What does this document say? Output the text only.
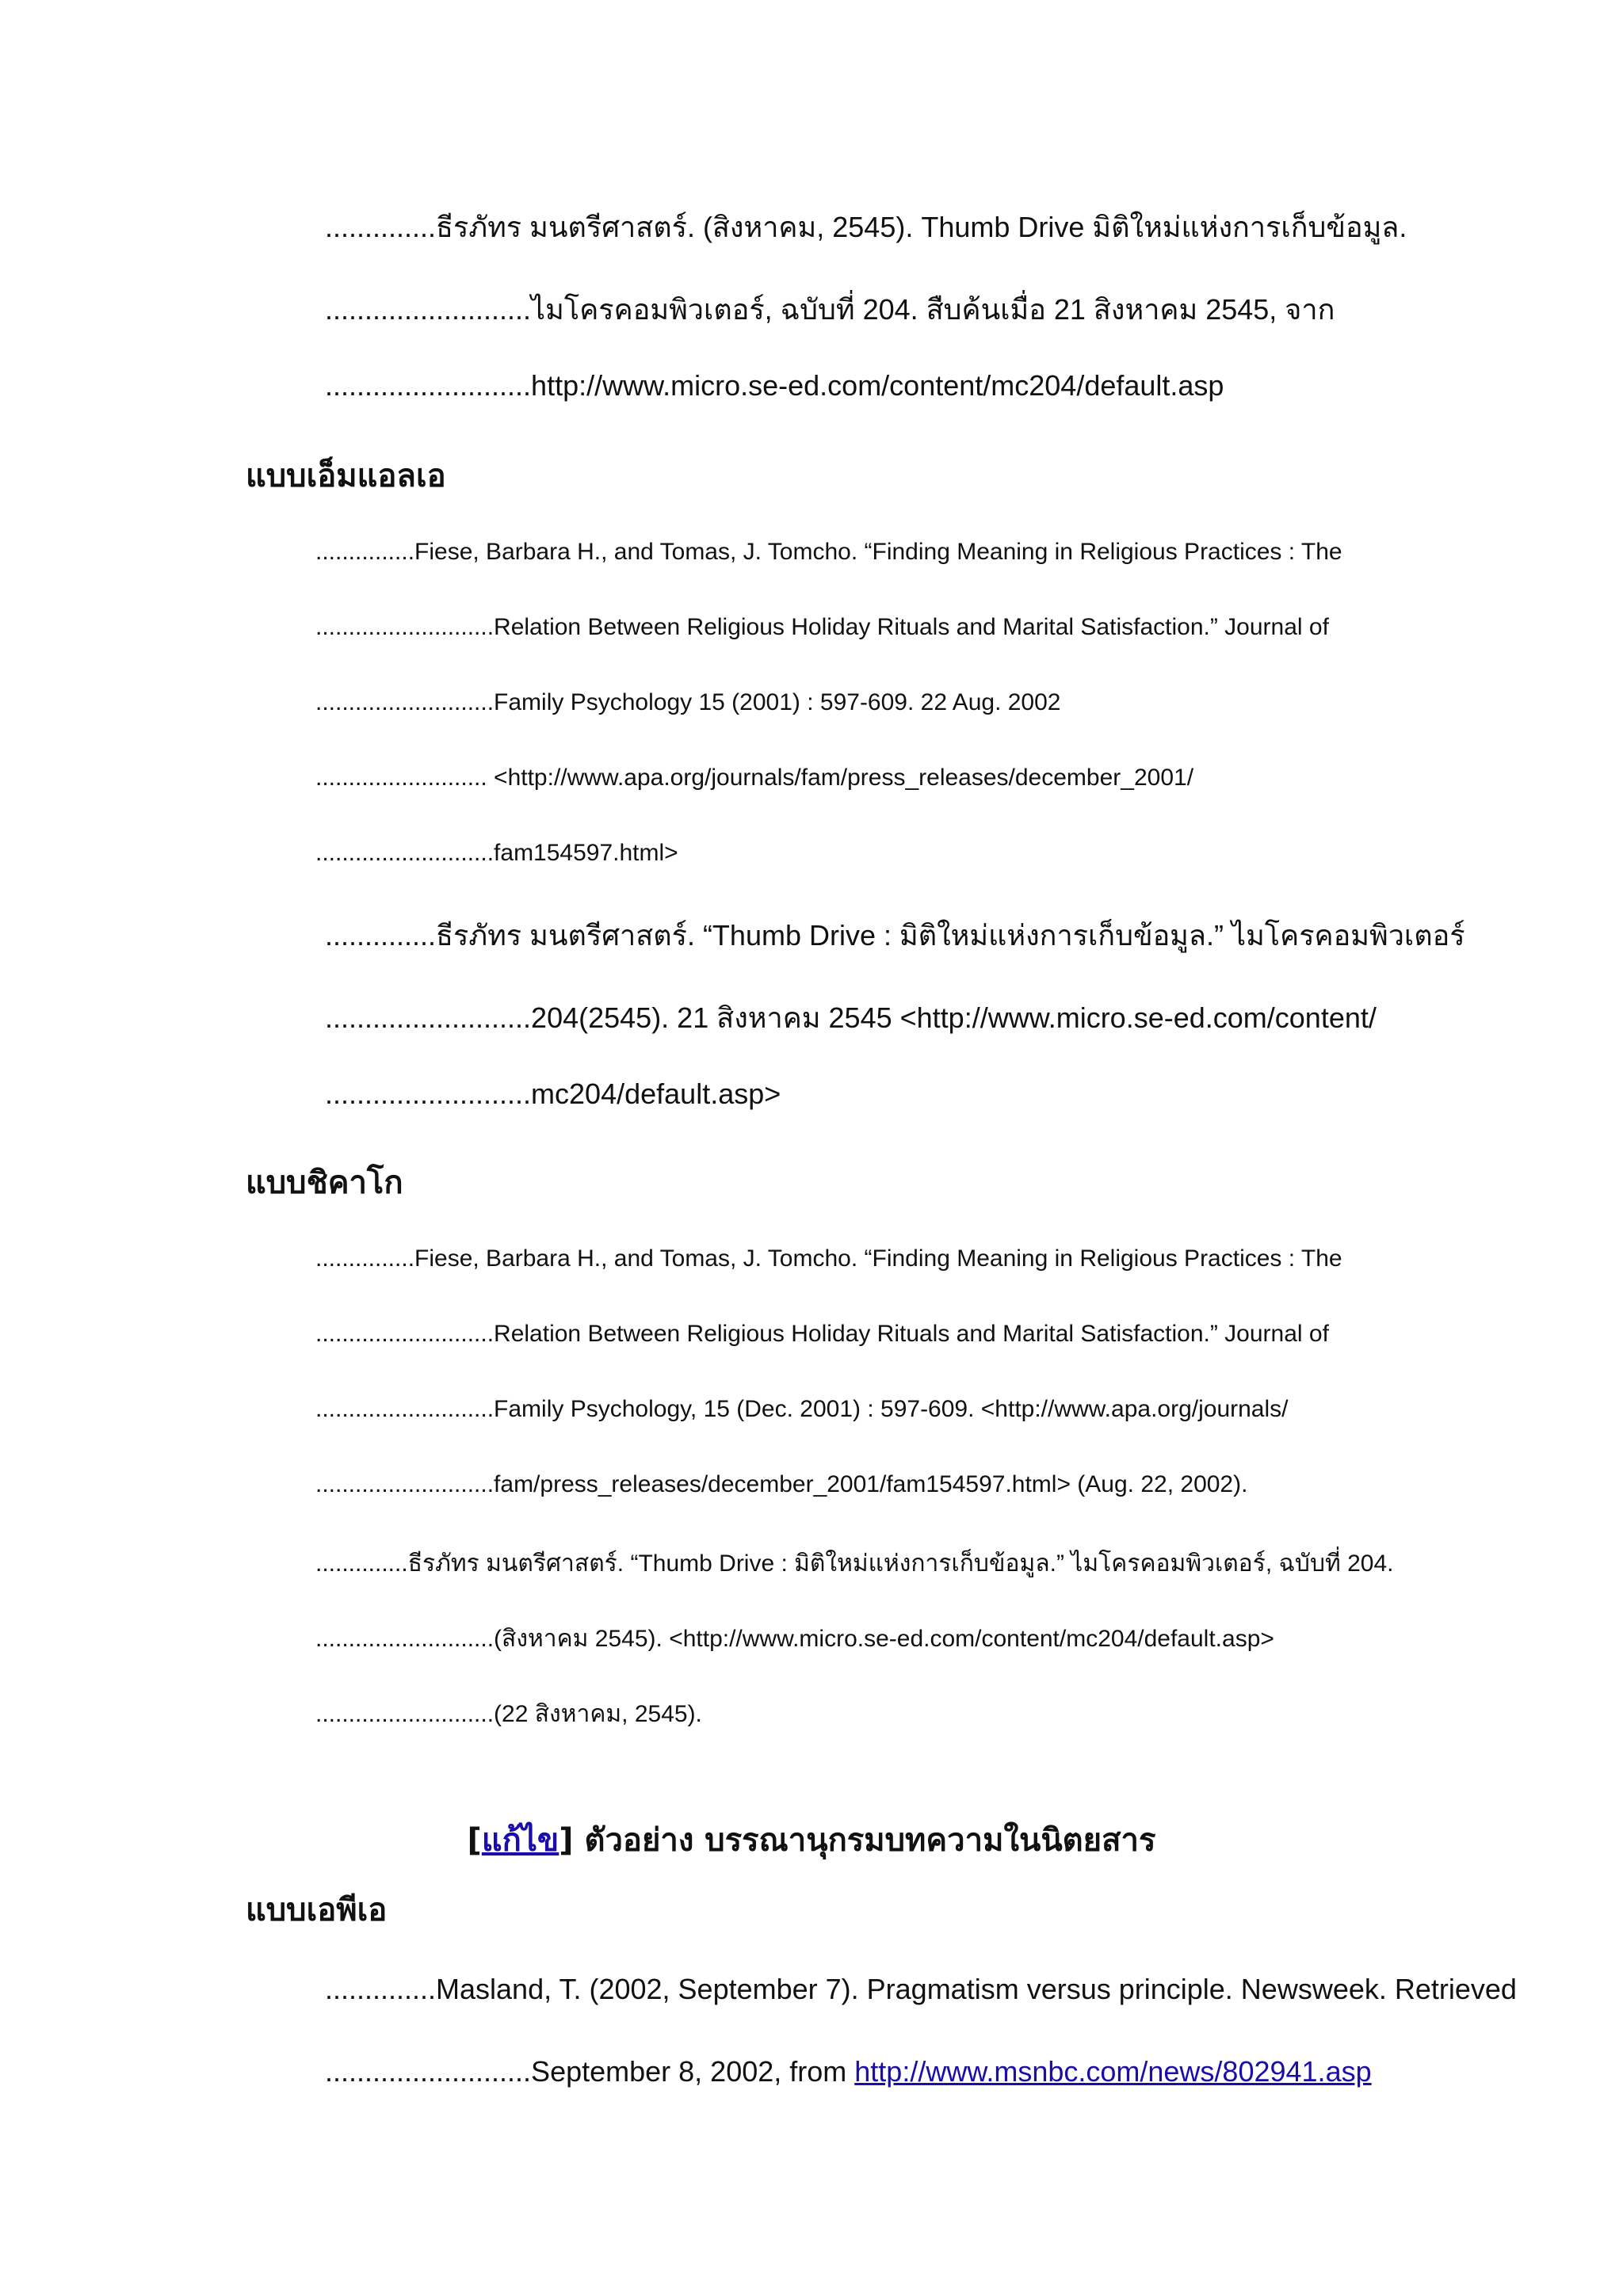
..............ธีรภัทร มนตรีศาสตร์. (สิงหาคม, 2545). Thumb Drive มิติใหม่แห่งการเก็บข้อมูล.
..........................ไมโครคอมพิวเตอร์, ฉบับที่ 204. สืบค้นเมื่อ 21 สิงหาคม 2545, จาก
..........................http://www.micro.se-ed.com/content/mc204/default.asp
แบบเอ็มแอลเอ
...............Fiese, Barbara H., and Tomas, J. Tomcho. “Finding Meaning in Religious Practices : The
...........................Relation Between Religious Holiday Rituals and Marital Satisfaction.” Journal of
...........................Family Psychology 15 (2001) : 597-609. 22 Aug. 2002
.......................... <http://www.apa.org/journals/fam/press_releases/december_2001/
...........................fam154597.html>
..............ธีรภัทร มนตรีศาสตร์. “Thumb Drive : มิติใหม่แห่งการเก็บข้อมูล.” ไมโครคอมพิวเตอร์
..........................204(2545). 21 สิงหาคม 2545 <http://www.micro.se-ed.com/content/
..........................mc204/default.asp>
แบบชิคาโก
...............Fiese, Barbara H., and Tomas, J. Tomcho. “Finding Meaning in Religious Practices : The
...........................Relation Between Religious Holiday Rituals and Marital Satisfaction.” Journal of
...........................Family Psychology, 15 (Dec. 2001) : 597-609. <http://www.apa.org/journals/
...........................fam/press_releases/december_2001/fam154597.html> (Aug. 22, 2002).
..............ธีรภัทร มนตรีศาสตร์. “Thumb Drive : มิติใหม่แห่งการเก็บข้อมูล.” ไมโครคอมพิวเตอร์, ฉบับที่ 204.
...........................(สิงหาคม 2545). <http://www.micro.se-ed.com/content/mc204/default.asp>
...........................(22 สิงหาคม, 2545).
[แก้ไข] ตัวอย่าง บรรณานุกรมบทความในนิตยสาร
แบบเอพีเอ
..............Masland, T. (2002, September 7). Pragmatism versus principle. Newsweek. Retrieved
..........................September 8, 2002, from http://www.msnbc.com/news/802941.asp
